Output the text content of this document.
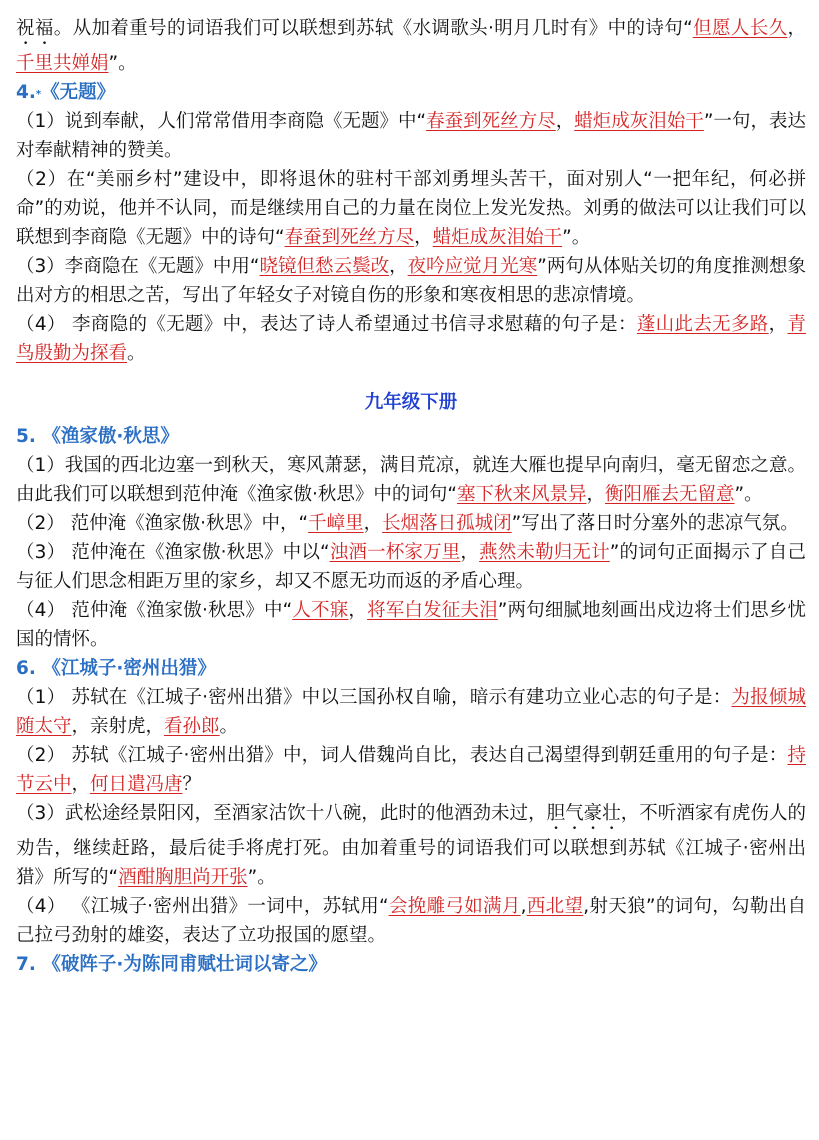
祝福。从加着重号的词语我们可以联想到苏轼《水调歌头·明月几时有》中的诗句“但愿人长久，千里共婵娟”。

4.*《无题》

（1）说到奉献，人们常常借用李商隐《无题》中“春蚕到死丝方尽，蜡炬成灰泪始干”一句，表达对奉献精神的赞美。

（2）在“美丽乡村”建设中，即将退休的驻村干部刘勇埋头苦干，面对别人“一把年纪，何必拼命”的劝说，他并不认同，而是继续用自己的力量在岗位上发光发热。刘勇的做法可以让我们可以联想到李商隐《无题》中的诗句“春蚕到死丝方尽，蜡炬成灰泪始干”。

（3）李商隐在《无题》中用“晓镜但愁云鬓改，夜吟应觉月光寒”两句从体贴关切的角度推测想象出对方的相思之苦，写出了年轻女子对镜自伤的形象和寒夜相思的悲凉情境。

（4） 李商隐的《无题》中，表达了诗人希望通过书信寻求慰藉的句子是：蓬山此去无多路，青鸟殷勤为探看。

九年级下册

5. 《渔家傲·秋思》

（1）我国的西北边塞一到秋天，寒风萧瑟，满目荒凉，就连大雁也提早向南归，毫无留恋之意。由此我们可以联想到范仲淹《渔家傲·秋思》中的词句“塞下秋来风景异，衡阳雁去无留意”。

（2） 范仲淹《渔家傲·秋思》中，“千嶂里，长烟落日孤城闭”写出了落日时分塞外的悲凉气氛。

（3） 范仲淹在《渔家傲·秋思》中以“浊酒一杯家万里，燕然未勒归无计”的词句正面揭示了自己与征人们思念相距万里的家乡，却又不愿无功而返的矛盾心理。

（4） 范仲淹《渔家傲·秋思》中“人不寐，将军白发征夫泪”两句细腻地刻画出戍边将士们思乡忧国的情怀。

6. 《江城子·密州出猎》

（1） 苏轼在《江城子·密州出猎》中以三国孙权自喻，暗示有建功立业心志的句子是：为报倾城随太守，亲射虎，看孙郎。

（2） 苏轼《江城子·密州出猎》中，词人借魏尚自比，表达自己渴望得到朝廷重用的句子是：持节云中，何日遣冯唐？

（3）武松途经景阳冈，至酒家沽饮十八碗，此时的他酒劲未过，胆气豪壮，不听酒家有虎伤人的劝告，继续赶路，最后徒手将虎打死。由加着重号的词语我们可以联想到苏轼《江城子·密州出猎》所写的“酒酣胸胆尚开张”。

（4） 《江城子·密州出猎》一词中，苏轼用“会挽雕弓如满月,西北望,射天狼”的词句，勾勒出自己拉弓劲射的雄姿，表达了立功报国的愿望。

7. 《破阵子·为陈同甫赋壮词以寄之》
